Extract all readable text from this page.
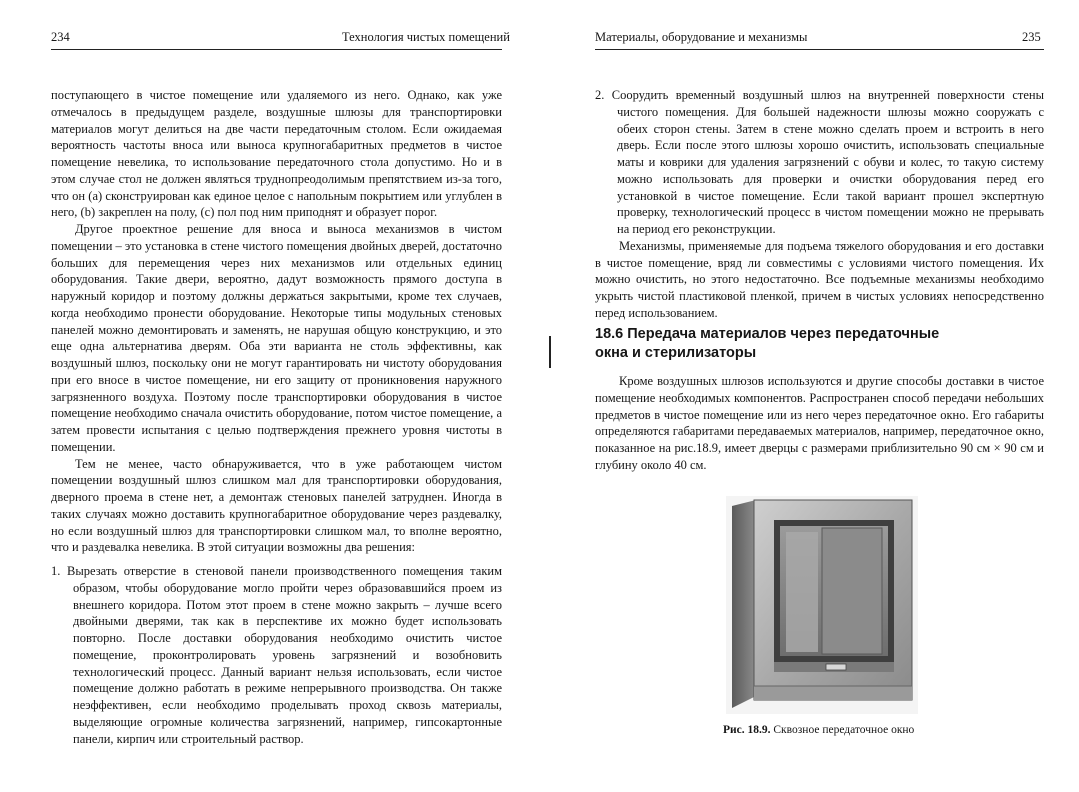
234	Технология чистых помещений

поступающего в чистое помещение или удаляемого из него. Однако, как уже отмечалось в предыдущем разделе, воздушные шлюзы для транспортировки материалов могут делиться на две части передаточным столом. Если ожидаемая вероятность частоты вноса или выноса крупногабаритных предметов в чистое помещение невелика, то использование передаточного стола допустимо. Но и в этом случае стол не должен являться труднопреодолимым препятствием из-за того, что он (a) сконструирован как единое целое с напольным покрытием или углублен в него, (b) закреплен на полу, (c) пол под ним приподнят и образует порог.

Другое проектное решение для вноса и выноса механизмов в чистом помещении – это установка в стене чистого помещения двойных дверей, достаточно больших для перемещения через них механизмов или отдельных единиц оборудования. Такие двери, вероятно, дадут возможность прямого доступа в наружный коридор и поэтому должны держаться закрытыми, кроме тех случаев, когда необходимо пронести оборудование. Некоторые типы модульных стеновых панелей можно демонтировать и заменять, не нарушая общую конструкцию, и это еще одна альтернатива дверям. Оба эти варианта не столь эффективны, как воздушный шлюз, поскольку они не могут гарантировать ни чистоту оборудования при его вносе в чистое помещение, ни его защиту от проникновения наружного загрязненного воздуха. Поэтому после транспортировки оборудования в чистое помещение необходимо сначала очистить оборудование, потом чистое помещение, а затем провести испытания с целью подтверждения прежнего уровня чистоты в помещении.

Тем не менее, часто обнаруживается, что в уже работающем чистом помещении воздушный шлюз слишком мал для транспортировки оборудования, дверного проема в стене нет, а демонтаж стеновых панелей затруднен. Иногда в таких случаях можно доставить крупногабаритное оборудование через раздевалку, но если воздушный шлюз для транспортировки слишком мал, то вполне вероятно, что и раздевалка невелика. В этой ситуации возможны два решения:

1. Вырезать отверстие в стеновой панели производственного помещения таким образом, чтобы оборудование могло пройти через образовавшийся проем из внешнего коридора. Потом этот проем в стене можно закрыть – лучше всего двойными дверями, так как в перспективе их можно будет использовать повторно. После доставки оборудования необходимо очистить чистое помещение, проконтролировать уровень загрязнений и возобновить технологический процесс. Данный вариант нельзя использовать, если чистое помещение должно работать в режиме непрерывного производства. Он также неэффективен, если необходимо проделывать проход сквозь материалы, выделяющие огромные количества загрязнений, например, гипсокартонные панели, кирпич или строительный раствор.

Материалы, оборудование и механизмы	235

2. Соорудить временный воздушный шлюз на внутренней поверхности стены чистого помещения. Для большей надежности шлюзы можно сооружать с обеих сторон стены. Затем в стене можно сделать проем и встроить в него дверь. Если после этого шлюзы хорошо очистить, использовать специальные маты и коврики для удаления загрязнений с обуви и колес, то такую систему можно использовать для проверки и очистки оборудования перед его установкой в чистое помещение. Если такой вариант прошел экспертную проверку, технологический процесс в чистом помещении можно не прерывать на период его реконструкции.

Механизмы, применяемые для подъема тяжелого оборудования и его доставки в чистое помещение, вряд ли совместимы с условиями чистого помещения. Их можно очистить, но этого недостаточно. Все подъемные механизмы необходимо укрыть чистой пластиковой пленкой, причем в чистых условиях непосредственно перед использованием.

18.6 Передача материалов через передаточные
окна и стерилизаторы

Кроме воздушных шлюзов используются и другие способы доставки в чистое помещение необходимых компонентов. Распространен способ передачи небольших предметов в чистое помещение или из него через передаточное окно. Его габариты определяются габаритами передаваемых материалов, например, передаточное окно, показанное на рис.18.9, имеет дверцы с размерами приблизительно 90 см × 90 см и глубину около 40 см.

Рис. 18.9. Сквозное передаточное окно
